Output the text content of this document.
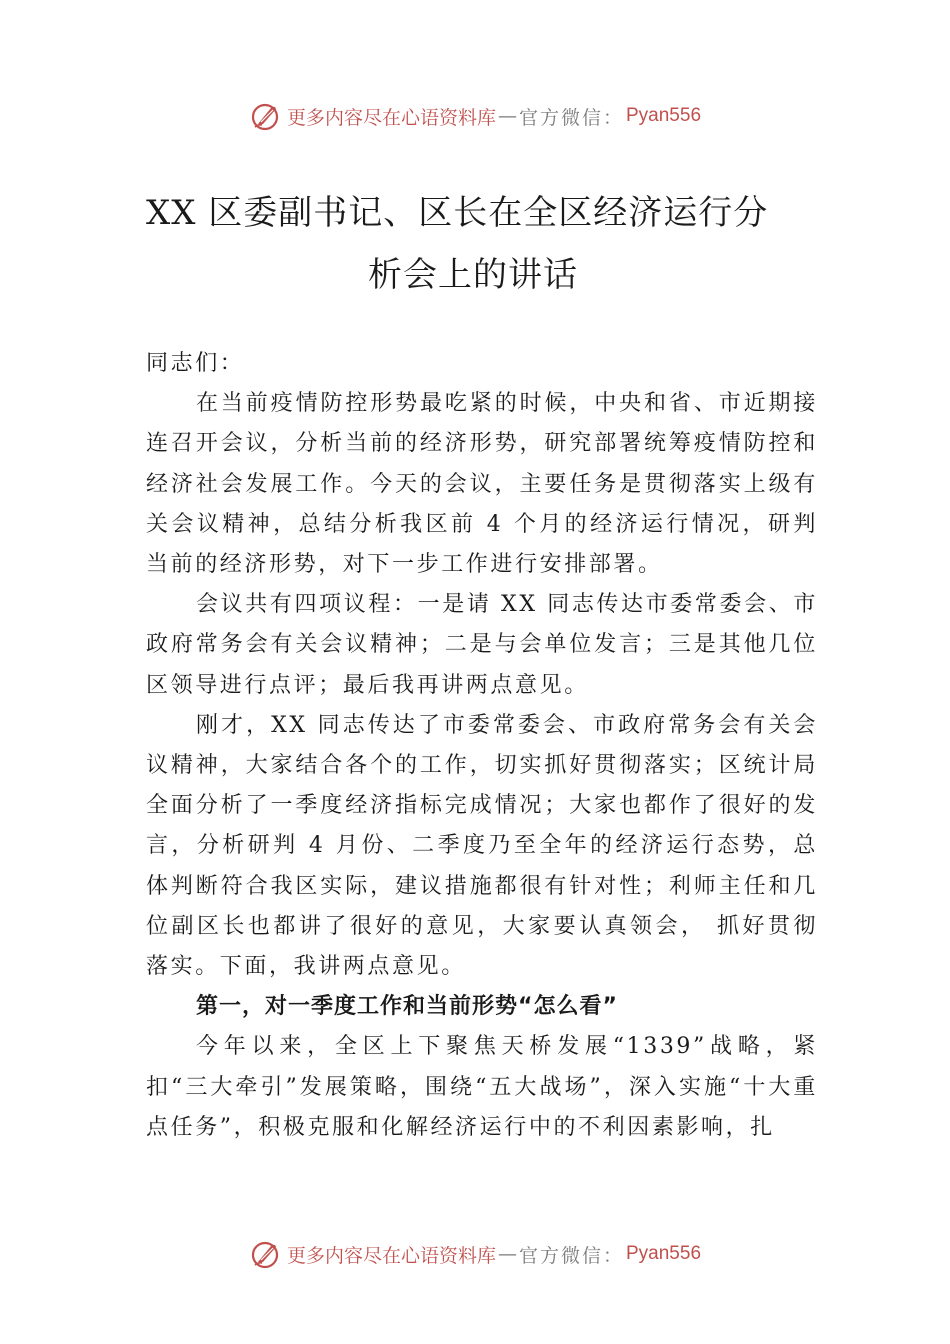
更多内容尽在心语资料库 — 官方微信： Pyan556
XX 区委副书记、区长在全区经济运行分
析会上的讲话

同志们：

在当前疫情防控形势最吃紧的时候，中央和省、市近期接连召开会议，分析当前的经济形势，研究部署统筹疫情防控和经济社会发展工作。今天的会议，主要任务是贯彻落实上级有关会议精神，总结分析我区前 4 个月的经济运行情况，研判当前的经济形势，对下一步工作进行安排部署。

会议共有四项议程：一是请 XX 同志传达市委常委会、市政府常务会有关会议精神；二是与会单位发言；三是其他几位区领导进行点评；最后我再讲两点意见。

刚才，XX 同志传达了市委常委会、市政府常务会有关会议精神，大家结合各个的工作，切实抓好贯彻落实；区统计局全面分析了一季度经济指标完成情况；大家也都作了很好的发言，分析研判 4 月份、二季度乃至全年的经济运行态势，总体判断符合我区实际，建议措施都很有针对性；利师主任和几位副区长也都讲了很好的意见，大家要认真领会， 抓好贯彻落实。下面，我讲两点意见。

第一，对一季度工作和当前形势“怎么看”

今年以来，全区上下聚焦天桥发展“1339”战略，紧扣“三大牵引”发展策略，围绕“五大战场”，深入实施“十大重点任务”，积极克服和化解经济运行中的不利因素影响，扎

更多内容尽在心语资料库 — 官方微信： Pyan556
